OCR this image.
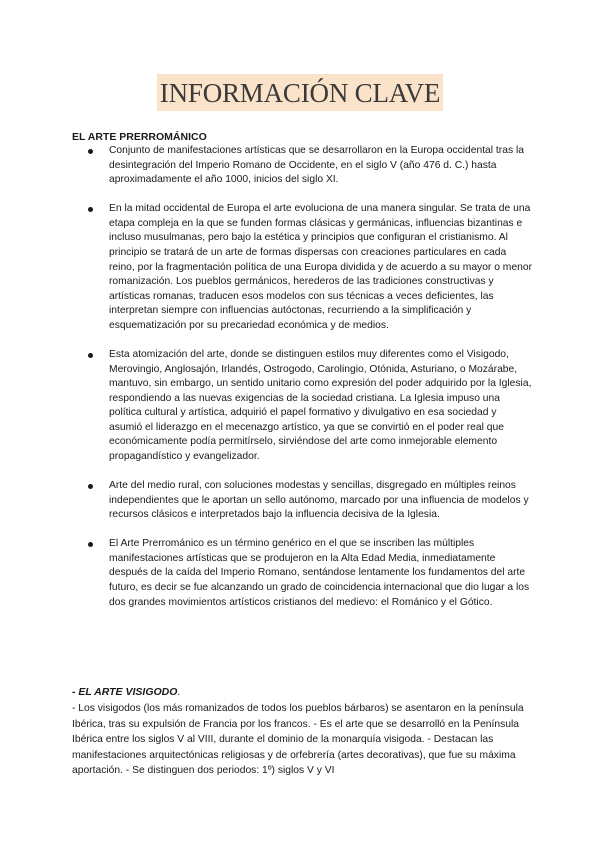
INFORMACIÓN CLAVE
EL ARTE PRERROMÁNICO
Conjunto de manifestaciones artísticas que se desarrollaron en la Europa occidental tras la desintegración del Imperio Romano de Occidente, en el siglo V (año 476 d. C.) hasta aproximadamente el año 1000, inicios del siglo XI.
En la mitad occidental de Europa el arte evoluciona de una manera singular. Se trata de una etapa compleja en la que se funden formas clásicas y germánicas, influencias bizantinas e incluso musulmanas, pero bajo la estética y principios que configuran el cristianismo. Al principio se tratará de un arte de formas dispersas con creaciones particulares en cada reino, por la fragmentación política de una Europa dividida y de acuerdo a su mayor o menor romanización. Los pueblos germánicos, herederos de las tradiciones constructivas y artísticas romanas, traducen esos modelos con sus técnicas a veces deficientes, las interpretan siempre con influencias autóctonas, recurriendo a la simplificación y esquematización por su precariedad económica y de medios.
Esta atomización del arte, donde se distinguen estilos muy diferentes como el Visigodo, Merovingio, Anglosajón, Irlandés, Ostrogodo, Carolingio, Otónida, Asturiano, o Mozárabe, mantuvo, sin embargo, un sentido unitario como expresión del poder adquirido por la Iglesia, respondiendo a las nuevas exigencias de la sociedad cristiana. La Iglesia impuso una política cultural y artística, adquirió el papel formativo y divulgativo en esa sociedad y asumió el liderazgo en el mecenazgo artístico, ya que se convirtió en el poder real que económicamente podía permitírselo, sirviéndose del arte como inmejorable elemento propagandístico y evangelizador.
Arte del medio rural, con soluciones modestas y sencillas, disgregado en múltiples reinos independientes que le aportan un sello autónomo, marcado por una influencia de modelos y recursos clásicos e interpretados bajo la influencia decisiva de la Iglesia.
El Arte Prerrománico es un término genérico en el que se inscriben las múltiples manifestaciones artísticas que se produjeron en la Alta Edad Media, inmediatamente después de la caída del Imperio Romano, sentándose lentamente los fundamentos del arte futuro, es decir se fue alcanzando un grado de coincidencia internacional que dio lugar a los dos grandes movimientos artísticos cristianos del medievo: el Románico y el Gótico.
- EL ARTE VISIGODO.
- Los visigodos (los más romanizados de todos los pueblos bárbaros) se asentaron en la península Ibérica, tras su expulsión de Francia por los francos. - Es el arte que se desarrolló en la Península Ibérica entre los siglos V al VIII, durante el dominio de la monarquía visigoda. - Destacan las manifestaciones arquitectónicas religiosas y de orfebrería (artes decorativas), que fue su máxima aportación. - Se distinguen dos periodos: 1º) siglos V y VI
